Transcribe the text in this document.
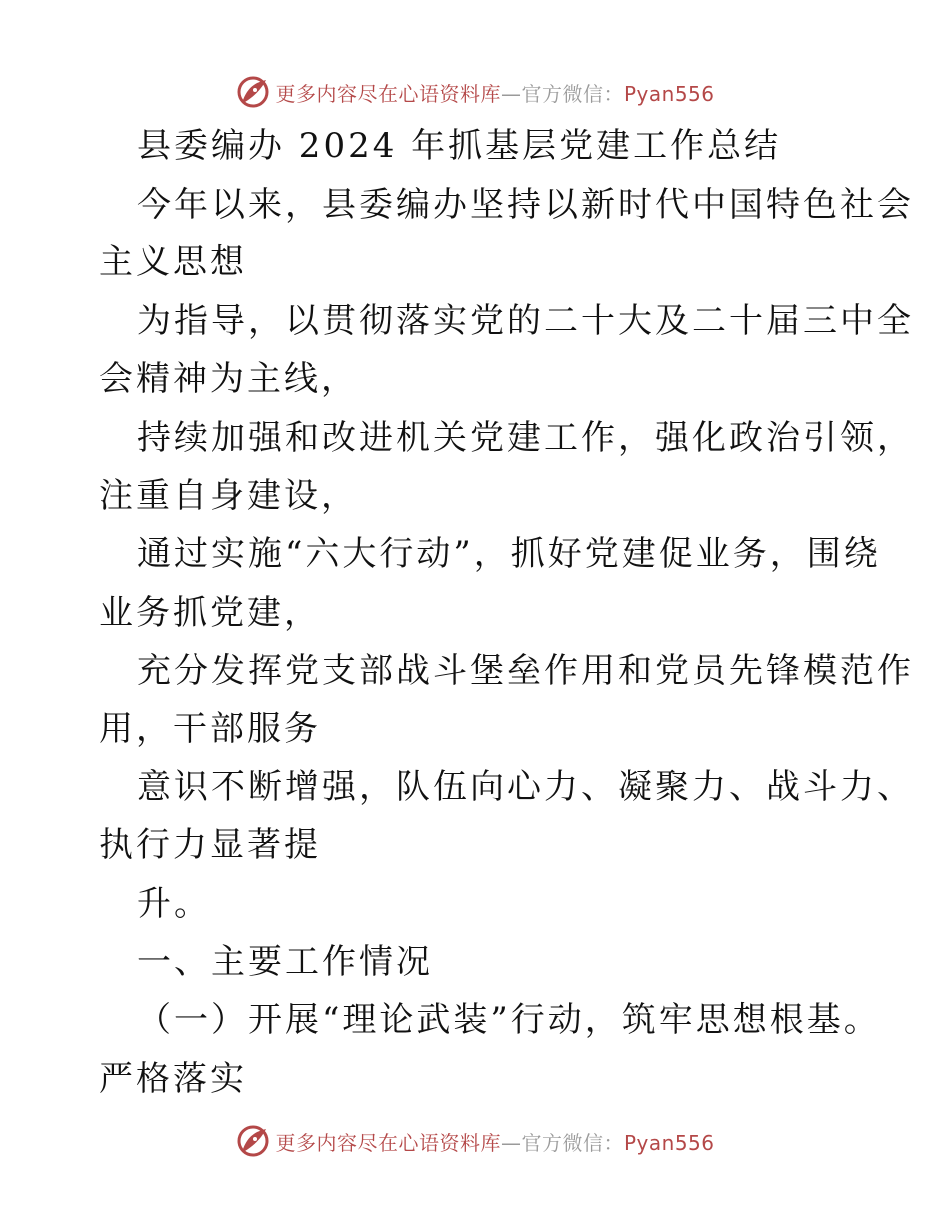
更多内容尽在心语资料库—官方微信：Pyan556
县委编办 2024 年抓基层党建工作总结
今年以来，县委编办坚持以新时代中国特色社会
主义思想
为指导，以贯彻落实党的二十大及二十届三中全
会精神为主线，
持续加强和改进机关党建工作，强化政治引领，
注重自身建设，
通过实施“六大行动”，抓好党建促业务，围绕
业务抓党建，
充分发挥党支部战斗堡垒作用和党员先锋模范作
用，干部服务
意识不断增强，队伍向心力、凝聚力、战斗力、
执行力显著提
升。
一、主要工作情况
（一）开展“理论武装”行动，筑牢思想根基。
严格落实
更多内容尽在心语资料库—官方微信：Pyan556
